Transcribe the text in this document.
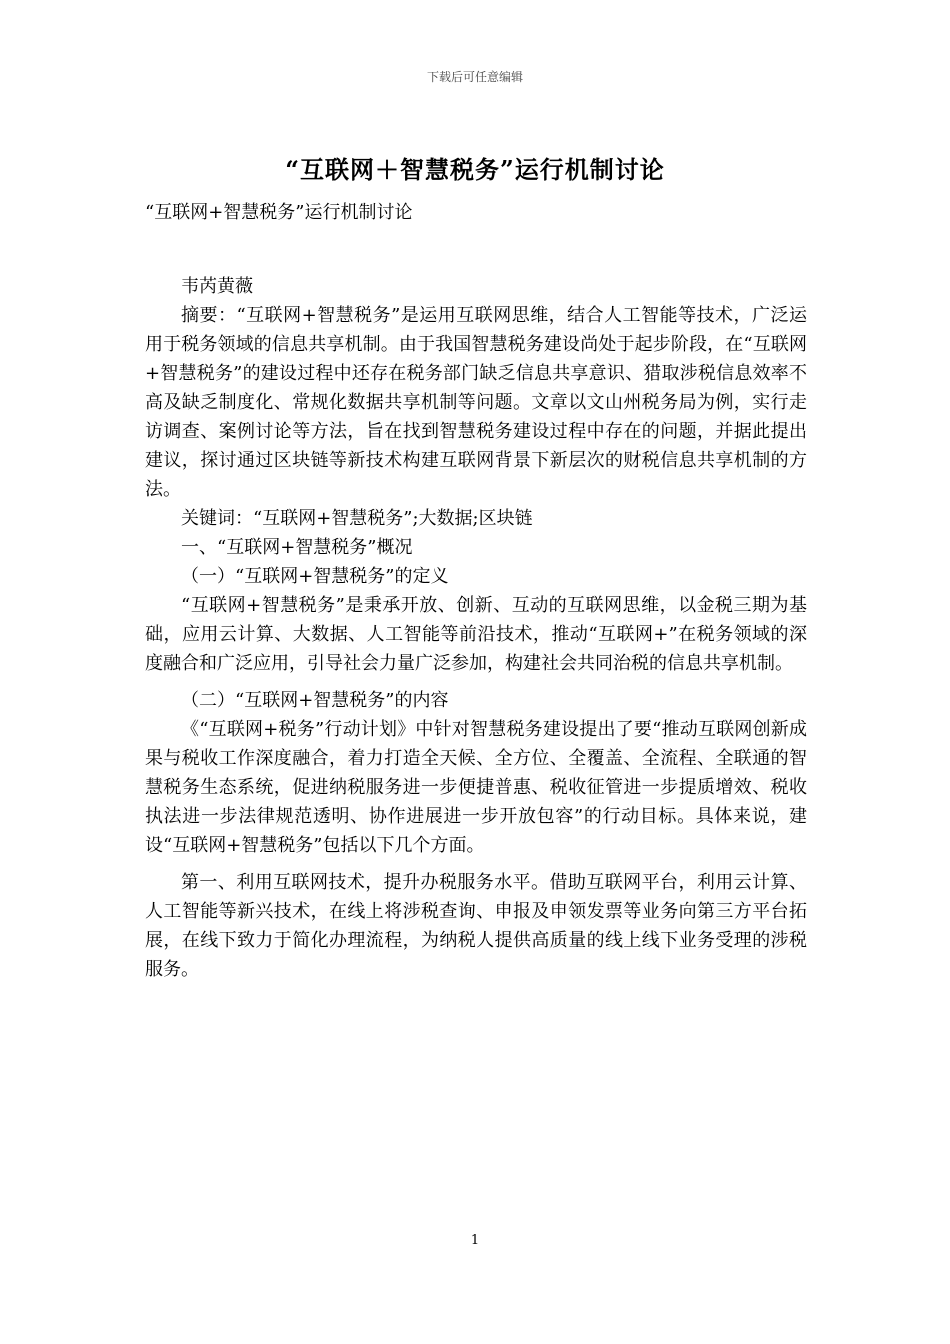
下载后可任意编辑
“互联网＋智慧税务”运行机制讨论

“互联网+智慧税务”运行机制讨论

韦芮黄薇

摘要：“互联网+智慧税务”是运用互联网思维，结合人工智能等技术，广泛运用于税务领域的信息共享机制。由于我国智慧税务建设尚处于起步阶段，在“互联网+智慧税务”的建设过程中还存在税务部门缺乏信息共享意识、猎取涉税信息效率不高及缺乏制度化、常规化数据共享机制等问题。文章以文山州税务局为例，实行走访调查、案例讨论等方法，旨在找到智慧税务建设过程中存在的问题，并据此提出建议，探讨通过区块链等新技术构建互联网背景下新层次的财税信息共享机制的方法。

关键词：“互联网+智慧税务”;大数据;区块链

一、“互联网+智慧税务”概况

（一）“互联网+智慧税务”的定义

“互联网+智慧税务”是秉承开放、创新、互动的互联网思维，以金税三期为基础，应用云计算、大数据、人工智能等前沿技术，推动“互联网+”在税务领域的深度融合和广泛应用，引导社会力量广泛参加，构建社会共同治税的信息共享机制。

（二）“互联网+智慧税务”的内容

《“互联网+税务”行动计划》中针对智慧税务建设提出了要“推动互联网创新成果与税收工作深度融合，着力打造全天候、全方位、全覆盖、全流程、全联通的智慧税务生态系统，促进纳税服务进一步便捷普惠、税收征管进一步提质增效、税收执法进一步法律规范透明、协作进展进一步开放包容”的行动目标。具体来说，建设“互联网+智慧税务”包括以下几个方面。

第一、利用互联网技术，提升办税服务水平。借助互联网平台，利用云计算、人工智能等新兴技术，在线上将涉税查询、申报及申领发票等业务向第三方平台拓展，在线下致力于简化办理流程，为纳税人提供高质量的线上线下业务受理的涉税服务。

1
